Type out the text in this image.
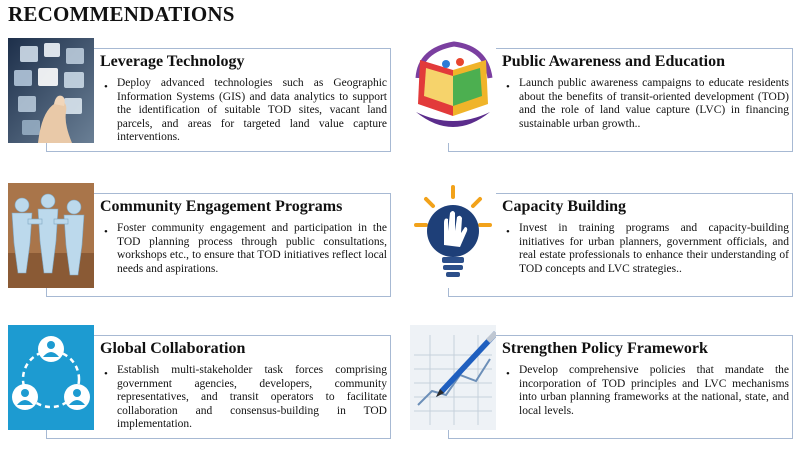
RECOMMENDATIONS
Leverage Technology
• Deploy advanced technologies such as Geographic Information Systems (GIS) and data analytics to support the identification of suitable TOD sites, vacant land parcels, and areas for targeted land value capture interventions.
Public Awareness and Education
• Launch public awareness campaigns to educate residents about the benefits of transit-oriented development (TOD) and the role of land value capture (LVC) in financing sustainable urban growth..
Community Engagement Programs
• Foster community engagement and participation in the TOD planning process through public consultations, workshops etc., to ensure that TOD initiatives reflect local needs and aspirations.
Capacity Building
• Invest in training programs and capacity-building initiatives for urban planners, government officials, and real estate professionals to enhance their understanding of TOD concepts and LVC strategies..
Global Collaboration
• Establish multi-stakeholder task forces comprising government agencies, developers, community representatives, and transit operators to facilitate collaboration and consensus-building in TOD implementation.
Strengthen Policy Framework
• Develop comprehensive policies that mandate the incorporation of TOD principles and LVC mechanisms into urban planning frameworks at the national, state, and local levels.
